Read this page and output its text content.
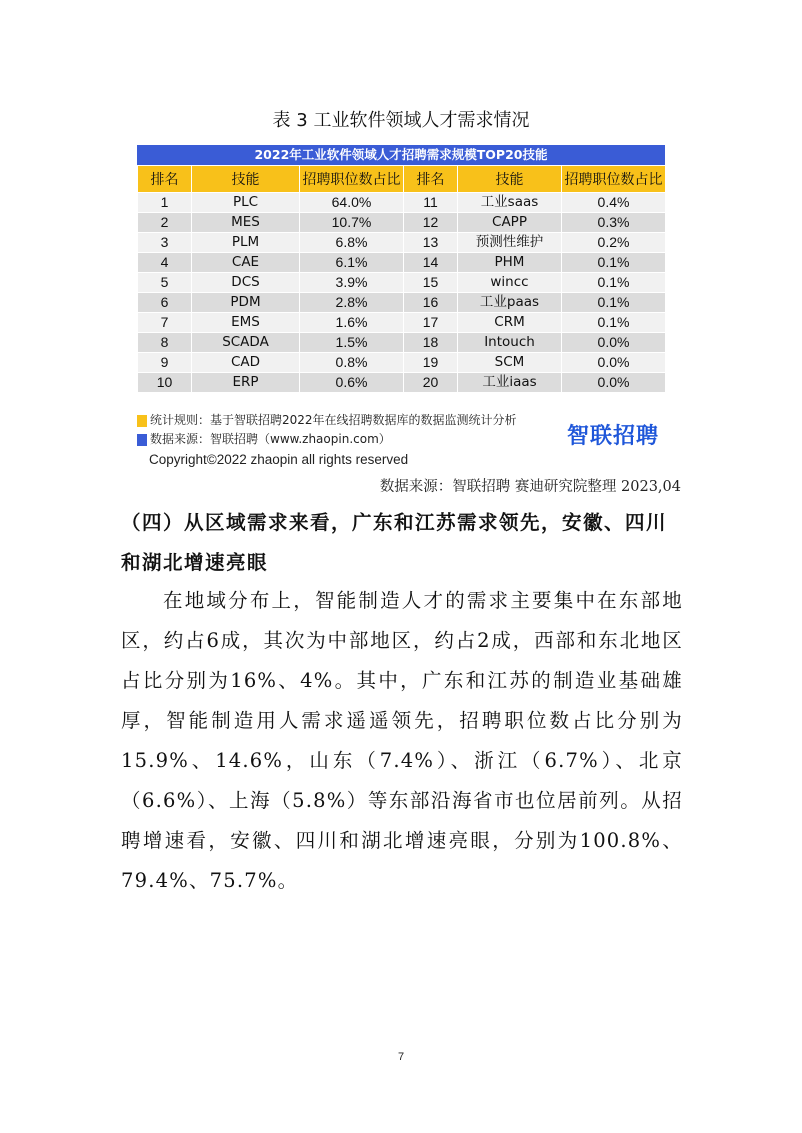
表 3 工业软件领域人才需求情况
2022年工业软件领域人才招聘需求规模TOP20技能
排名	技能	招聘职位数占比	排名	技能	招聘职位数占比
1	PLC	64.0%	11	工业saas	0.4%
2	MES	10.7%	12	CAPP	0.3%
3	PLM	6.8%	13	预测性维护	0.2%
4	CAE	6.1%	14	PHM	0.1%
5	DCS	3.9%	15	wincc	0.1%
6	PDM	2.8%	16	工业paas	0.1%
7	EMS	1.6%	17	CRM	0.1%
8	SCADA	1.5%	18	Intouch	0.0%
9	CAD	0.8%	19	SCM	0.0%
10	ERP	0.6%	20	工业iaas	0.0%
统计规则：基于智联招聘2022年在线招聘数据库的数据监测统计分析
数据来源：智联招聘（www.zhaopin.com）	智联招聘
Copyright©2022 zhaopin all rights reserved
数据来源：智联招聘 赛迪研究院整理 2023,04
（四）从区域需求来看，广东和江苏需求领先，安徽、四川和湖北增速亮眼
在地域分布上，智能制造人才的需求主要集中在东部地区，约占6成，其次为中部地区，约占2成，西部和东北地区占比分别为16%、4%。其中，广东和江苏的制造业基础雄厚，智能制造用人需求遥遥领先，招聘职位数占比分别为15.9%、14.6%，山东（7.4%）、浙江（6.7%）、北京（6.6%）、上海（5.8%）等东部沿海省市也位居前列。从招聘增速看，安徽、四川和湖北增速亮眼，分别为100.8%、79.4%、75.7%。
7
